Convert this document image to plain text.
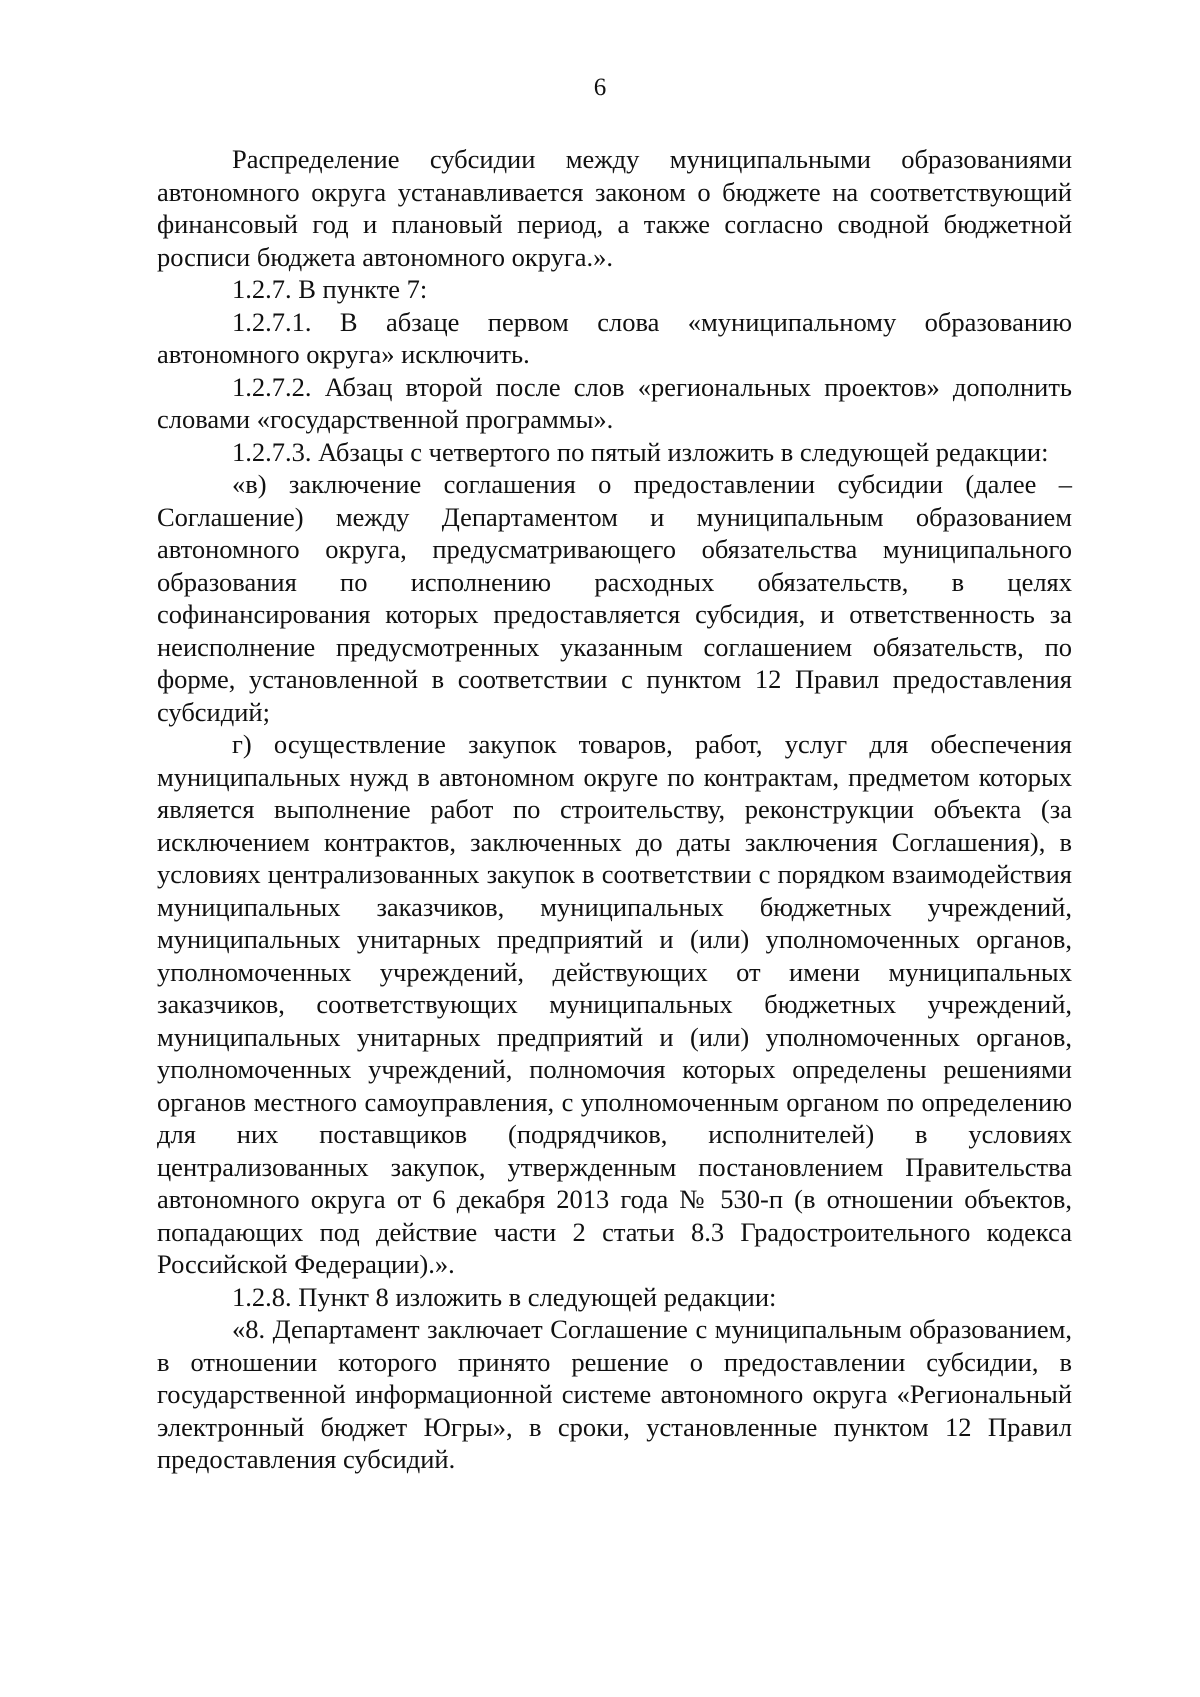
6

Распределение субсидии между муниципальными образованиями автономного округа устанавливается законом о бюджете на соответствующий финансовый год и плановый период, а также согласно сводной бюджетной росписи бюджета автономного округа.».

1.2.7. В пункте 7:

1.2.7.1. В абзаце первом слова «муниципальному образованию автономного округа» исключить.

1.2.7.2. Абзац второй после слов «региональных проектов» дополнить словами «государственной программы».

1.2.7.3. Абзацы с четвертого по пятый изложить в следующей редакции:

«в) заключение соглашения о предоставлении субсидии (далее – Соглашение) между Департаментом и муниципальным образованием автономного округа, предусматривающего обязательства муниципального образования по исполнению расходных обязательств, в целях софинансирования которых предоставляется субсидия, и ответственность за неисполнение предусмотренных указанным соглашением обязательств, по форме, установленной в соответствии с пунктом 12 Правил предоставления субсидий;

г) осуществление закупок товаров, работ, услуг для обеспечения муниципальных нужд в автономном округе по контрактам, предметом которых является выполнение работ по строительству, реконструкции объекта (за исключением контрактов, заключенных до даты заключения Соглашения), в условиях централизованных закупок в соответствии с порядком взаимодействия муниципальных заказчиков, муниципальных бюджетных учреждений, муниципальных унитарных предприятий и (или) уполномоченных органов, уполномоченных учреждений, действующих от имени муниципальных заказчиков, соответствующих муниципальных бюджетных учреждений, муниципальных унитарных предприятий и (или) уполномоченных органов, уполномоченных учреждений, полномочия которых определены решениями органов местного самоуправления, с уполномоченным органом по определению для них поставщиков (подрядчиков, исполнителей) в условиях централизованных закупок, утвержденным постановлением Правительства автономного округа от 6 декабря 2013 года № 530-п (в отношении объектов, попадающих под действие части 2 статьи 8.3 Градостроительного кодекса Российской Федерации).».

1.2.8. Пункт 8 изложить в следующей редакции:

«8. Департамент заключает Соглашение с муниципальным образованием, в отношении которого принято решение о предоставлении субсидии, в государственной информационной системе автономного округа «Региональный электронный бюджет Югры», в сроки, установленные пунктом 12 Правил предоставления субсидий.
